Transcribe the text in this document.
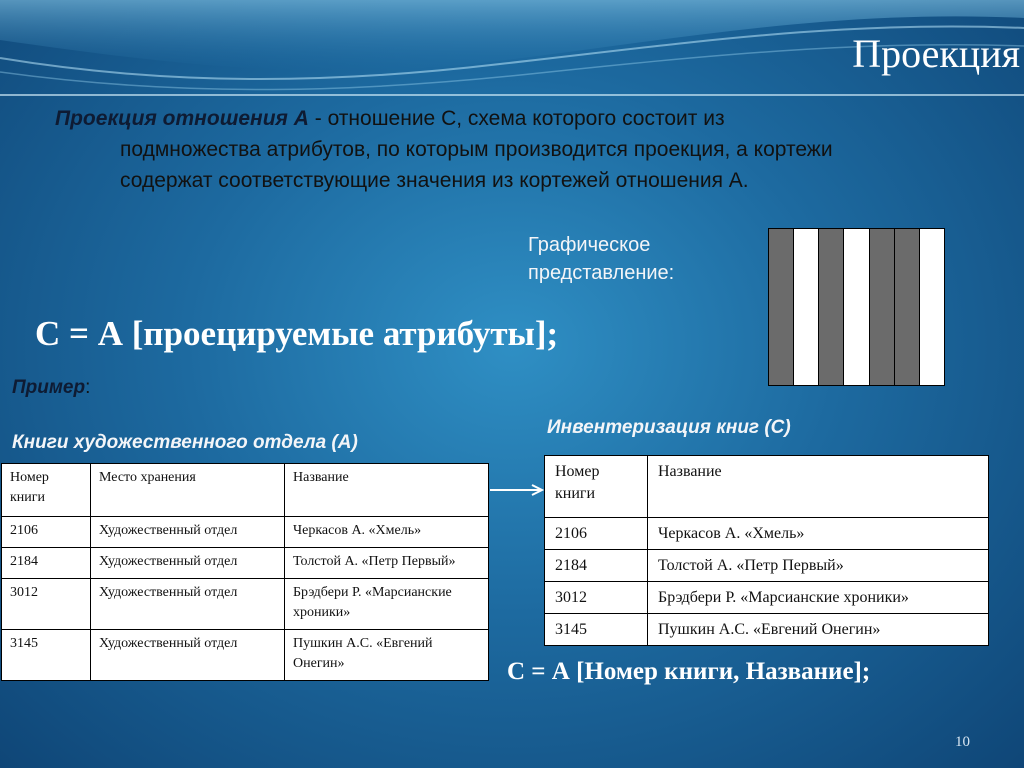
Проекция
Проекция отношения А - отношение С, схема которого состоит из
подмножества атрибутов, по которым производится проекция, а кортежи
содержат соответствующие значения из кортежей отношения А.
Графическое представление:
С = А [проецируемые атрибуты];
Пример:
Книги художественного отдела (А)
Инвентеризация книг (С)
Номер книги	Место хранения	Название
2106	Художественный отдел	Черкасов А. «Хмель»
2184	Художественный отдел	Толстой А. «Петр Первый»
3012	Художественный отдел	Брэдбери Р. «Марсианские хроники»
3145	Художественный отдел	Пушкин А.С. «Евгений Онегин»
Номер книги	Название
2106	Черкасов А. «Хмель»
2184	Толстой А. «Петр Первый»
3012	Брэдбери Р. «Марсианские хроники»
3145	Пушкин А.С. «Евгений Онегин»
С = А [Номер книги, Название];
10
